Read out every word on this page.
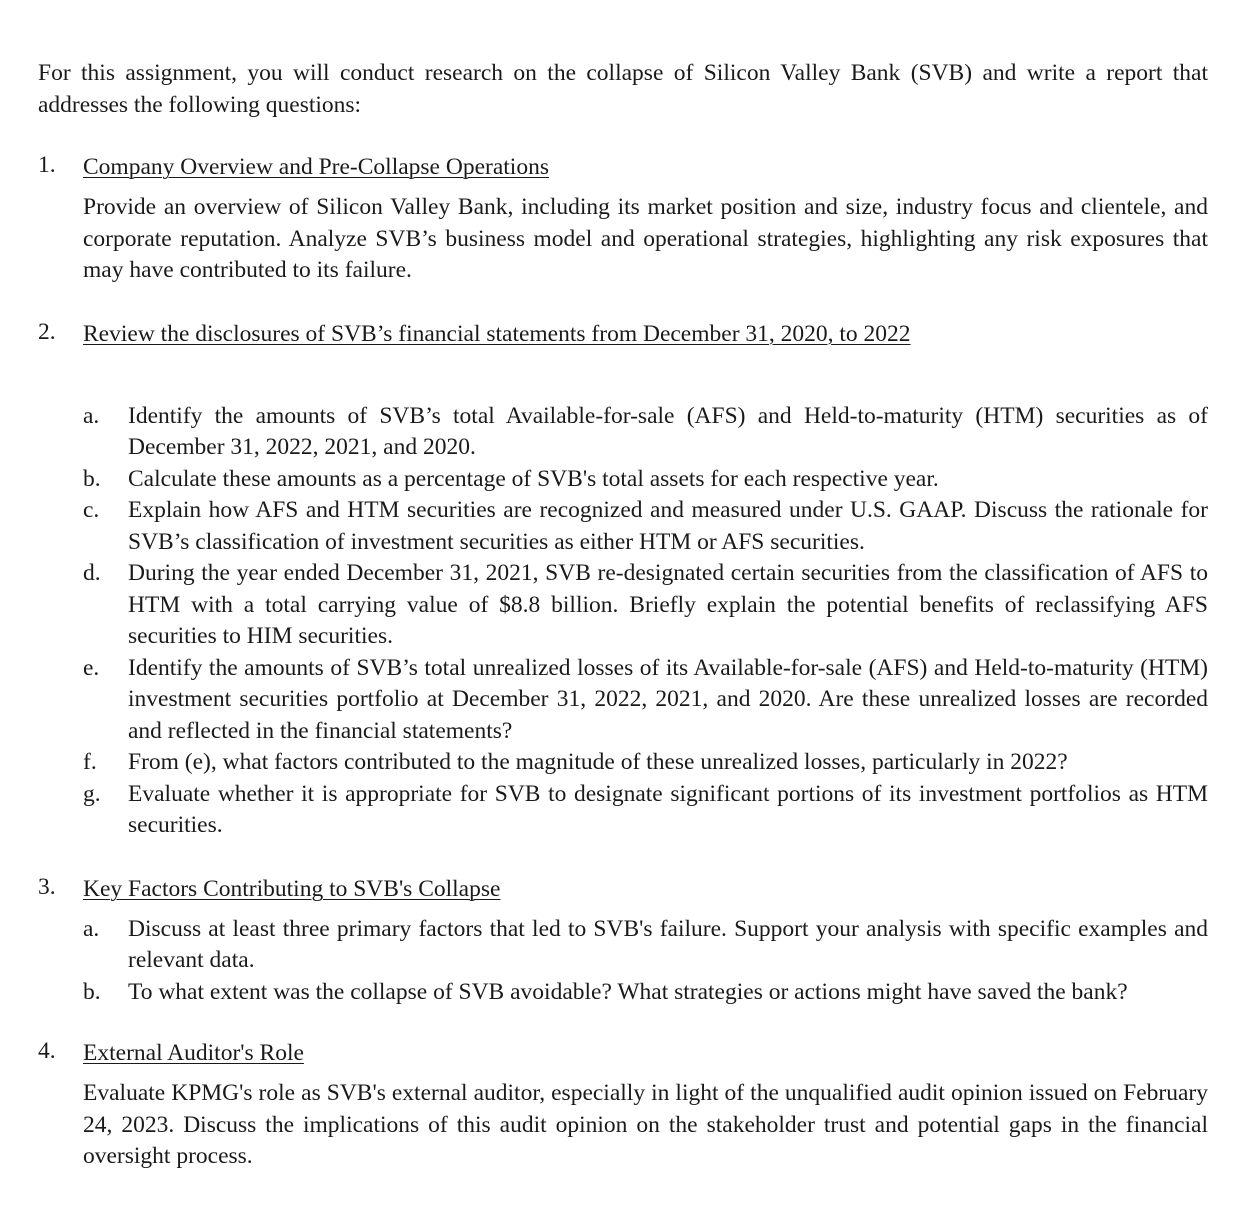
For this assignment, you will conduct research on the collapse of Silicon Valley Bank (SVB) and write a report that addresses the following questions:

1. Company Overview and Pre-Collapse Operations

Provide an overview of Silicon Valley Bank, including its market position and size, industry focus and clientele, and corporate reputation. Analyze SVB’s business model and operational strategies, highlighting any risk exposures that may have contributed to its failure.

2. Review the disclosures of SVB’s financial statements from December 31, 2020, to 2022
a. Identify the amounts of SVB’s total Available-for-sale (AFS) and Held-to-maturity (HTM) securities as of December 31, 2022, 2021, and 2020.
b. Calculate these amounts as a percentage of SVB's total assets for each respective year.
c. Explain how AFS and HTM securities are recognized and measured under U.S. GAAP. Discuss the rationale for SVB’s classification of investment securities as either HTM or AFS securities.
d. During the year ended December 31, 2021, SVB re-designated certain securities from the classification of AFS to HTM with a total carrying value of $8.8 billion. Briefly explain the potential benefits of reclassifying AFS securities to HIM securities.
e. Identify the amounts of SVB’s total unrealized losses of its Available-for-sale (AFS) and Held-to-maturity (HTM) investment securities portfolio at December 31, 2022, 2021, and 2020. Are these unrealized losses are recorded and reflected in the financial statements?
f. From (e), what factors contributed to the magnitude of these unrealized losses, particularly in 2022?
g. Evaluate whether it is appropriate for SVB to designate significant portions of its investment portfolios as HTM securities.
3. Key Factors Contributing to SVB's Collapse
a. Discuss at least three primary factors that led to SVB's failure. Support your analysis with specific examples and relevant data.
b. To what extent was the collapse of SVB avoidable? What strategies or actions might have saved the bank?
4. External Auditor's Role

Evaluate KPMG's role as SVB's external auditor, especially in light of the unqualified audit opinion issued on February 24, 2023. Discuss the implications of this audit opinion on the stakeholder trust and potential gaps in the financial oversight process.
